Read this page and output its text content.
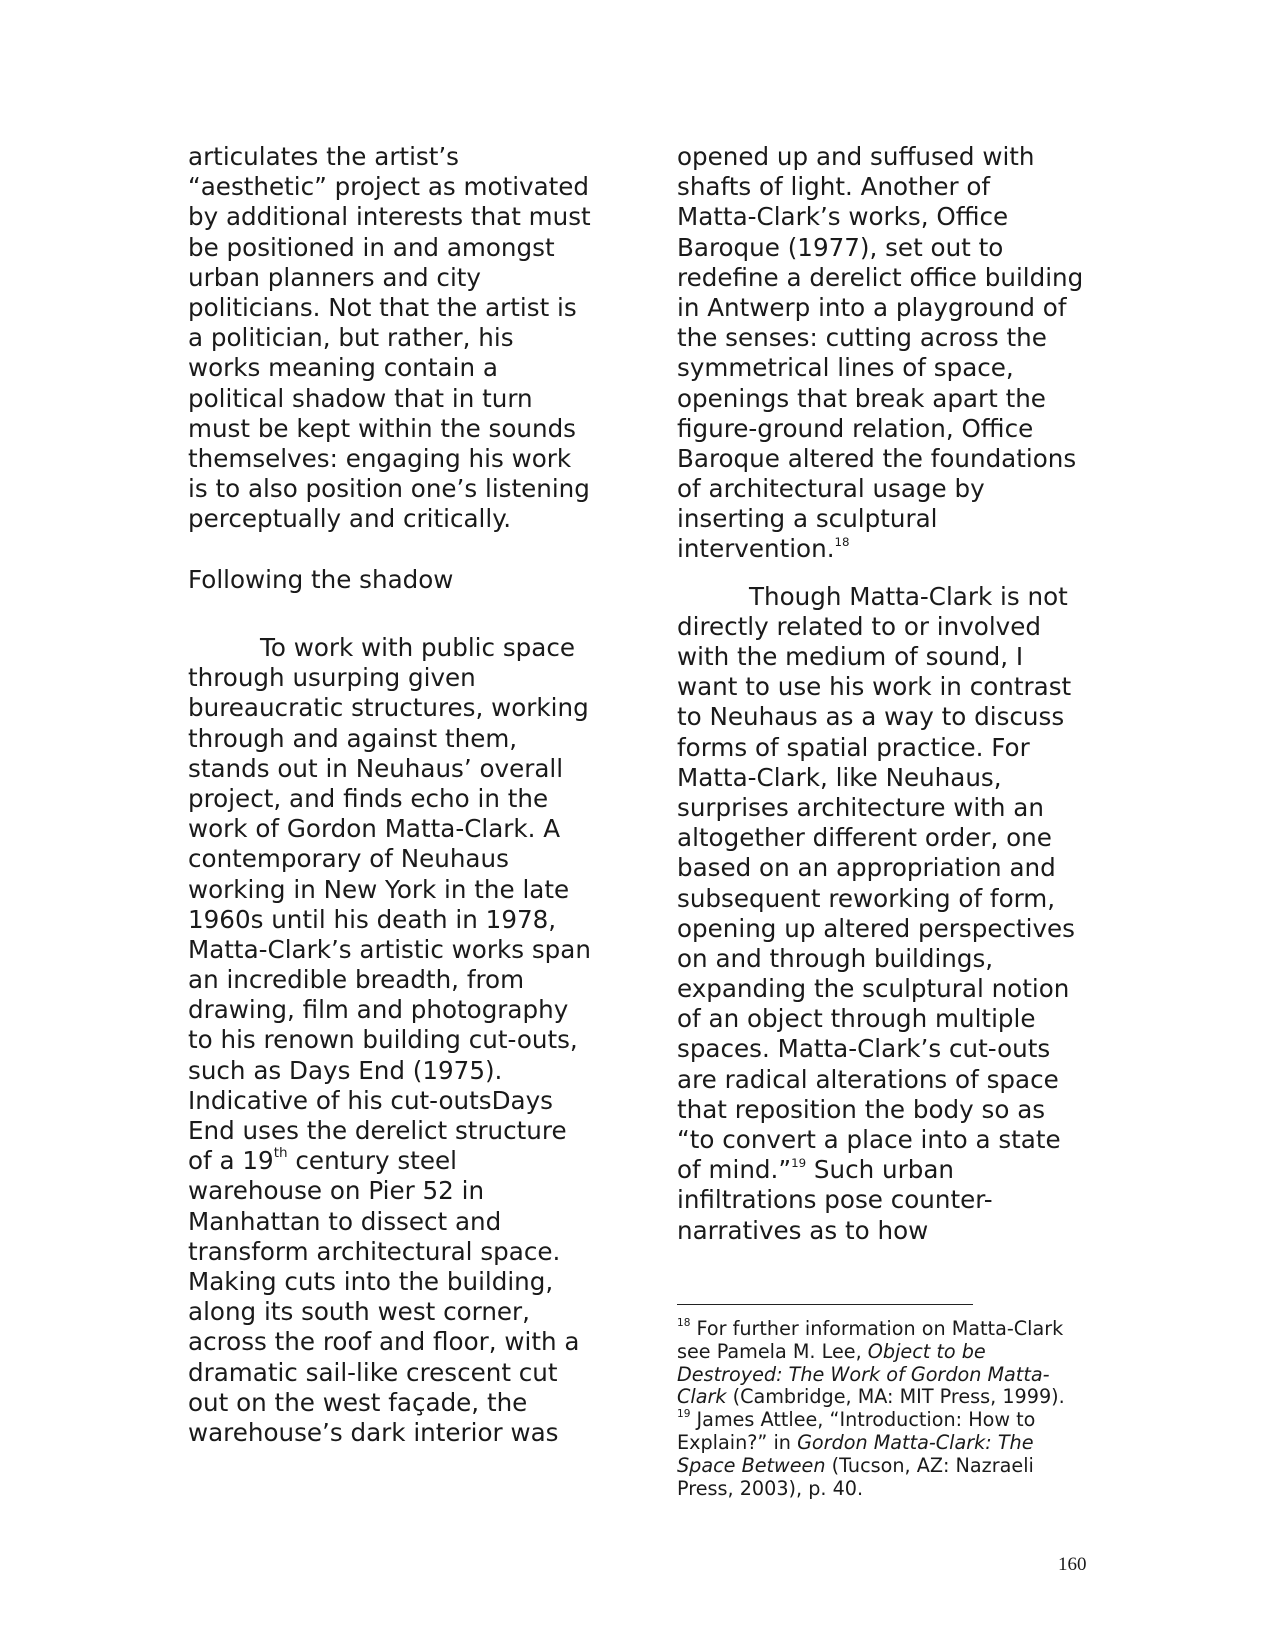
articulates the artist’s
“aesthetic” project as motivated
by additional interests that must
be positioned in and amongst
urban planners and city
politicians. Not that the artist is
a politician, but rather, his
works meaning contain a
political shadow that in turn
must be kept within the sounds
themselves: engaging his work
is to also position one’s listening
perceptually and critically.
Following the shadow
To work with public space
through usurping given
bureaucratic structures, working
through and against them,
stands out in Neuhaus’ overall
project, and finds echo in the
work of Gordon Matta-Clark. A
contemporary of Neuhaus
working in New York in the late
1960s until his death in 1978,
Matta-Clark’s artistic works span
an incredible breadth, from
drawing, film and photography
to his renown building cut-outs,
such as Days End (1975).
Indicative of his cut-outsDays
End uses the derelict structure
of a 19th century steel
warehouse on Pier 52 in
Manhattan to dissect and
transform architectural space.
Making cuts into the building,
along its south west corner,
across the roof and floor, with a
dramatic sail-like crescent cut
out on the west façade, the
warehouse’s dark interior was
opened up and suffused with
shafts of light. Another of
Matta-Clark’s works, Office
Baroque (1977), set out to
redefine a derelict office building
in Antwerp into a playground of
the senses: cutting across the
symmetrical lines of space,
openings that break apart the
figure-ground relation, Office
Baroque altered the foundations
of architectural usage by
inserting a sculptural
intervention.$^{18}$
Though Matta-Clark is not
directly related to or involved
with the medium of sound, I
want to use his work in contrast
to Neuhaus as a way to discuss
forms of spatial practice. For
Matta-Clark, like Neuhaus,
surprises architecture with an
altogether different order, one
based on an appropriation and
subsequent reworking of form,
opening up altered perspectives
on and through buildings,
expanding the sculptural notion
of an object through multiple
spaces. Matta-Clark’s cut-outs
are radical alterations of space
that reposition the body so as
“to convert a place into a state
of mind.”$^{19}$ Such urban
infiltrations pose counter-
narratives as to how
$^{18}$ For further information on Matta-Clark
see Pamela M. Lee, Object to be
Destroyed: The Work of Gordon Matta-
Clark (Cambridge, MA: MIT Press, 1999).
$^{19}$ James Attlee, “Introduction: How to
Explain?” in Gordon Matta-Clark: The
Space Between (Tucson, AZ: Nazraeli
Press, 2003), p. 40.
160
